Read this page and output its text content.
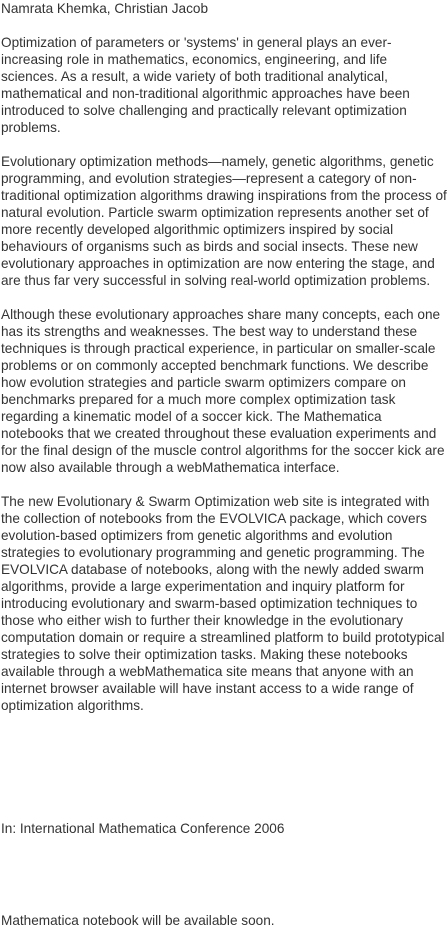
Namrata Khemka, Christian Jacob

Optimization of parameters or 'systems' in general plays an ever-increasing role in mathematics, economics, engineering, and life sciences. As a result, a wide variety of both traditional analytical, mathematical and non-traditional algorithmic approaches have been introduced to solve challenging and practically relevant optimization problems.

Evolutionary optimization methods—namely, genetic algorithms, genetic programming, and evolution strategies—represent a category of non-traditional optimization algorithms drawing inspirations from the process of natural evolution. Particle swarm optimization represents another set of more recently developed algorithmic optimizers inspired by social behaviours of organisms such as birds and social insects. These new evolutionary approaches in optimization are now entering the stage, and are thus far very successful in solving real-world optimization problems.

Although these evolutionary approaches share many concepts, each one has its strengths and weaknesses. The best way to understand these techniques is through practical experience, in particular on smaller-scale problems or on commonly accepted benchmark functions. We describe how evolution strategies and particle swarm optimizers compare on benchmarks prepared for a much more complex optimization task regarding a kinematic model of a soccer kick. The Mathematica notebooks that we created throughout these evaluation experiments and for the final design of the muscle control algorithms for the soccer kick are now also available through a webMathematica interface.

The new Evolutionary & Swarm Optimization web site is integrated with the collection of notebooks from the EVOLVICA package, which covers evolution-based optimizers from genetic algorithms and evolution strategies to evolutionary programming and genetic programming. The EVOLVICA database of notebooks, along with the newly added swarm algorithms, provide a large experimentation and inquiry platform for introducing evolutionary and swarm-based optimization techniques to those who either wish to further their knowledge in the evolutionary computation domain or require a streamlined platform to build prototypical strategies to solve their optimization tasks. Making these notebooks available through a webMathematica site means that anyone with an internet browser available will have instant access to a wide range of optimization algorithms.

In: International Mathematica Conference 2006

Mathematica notebook will be available soon.
